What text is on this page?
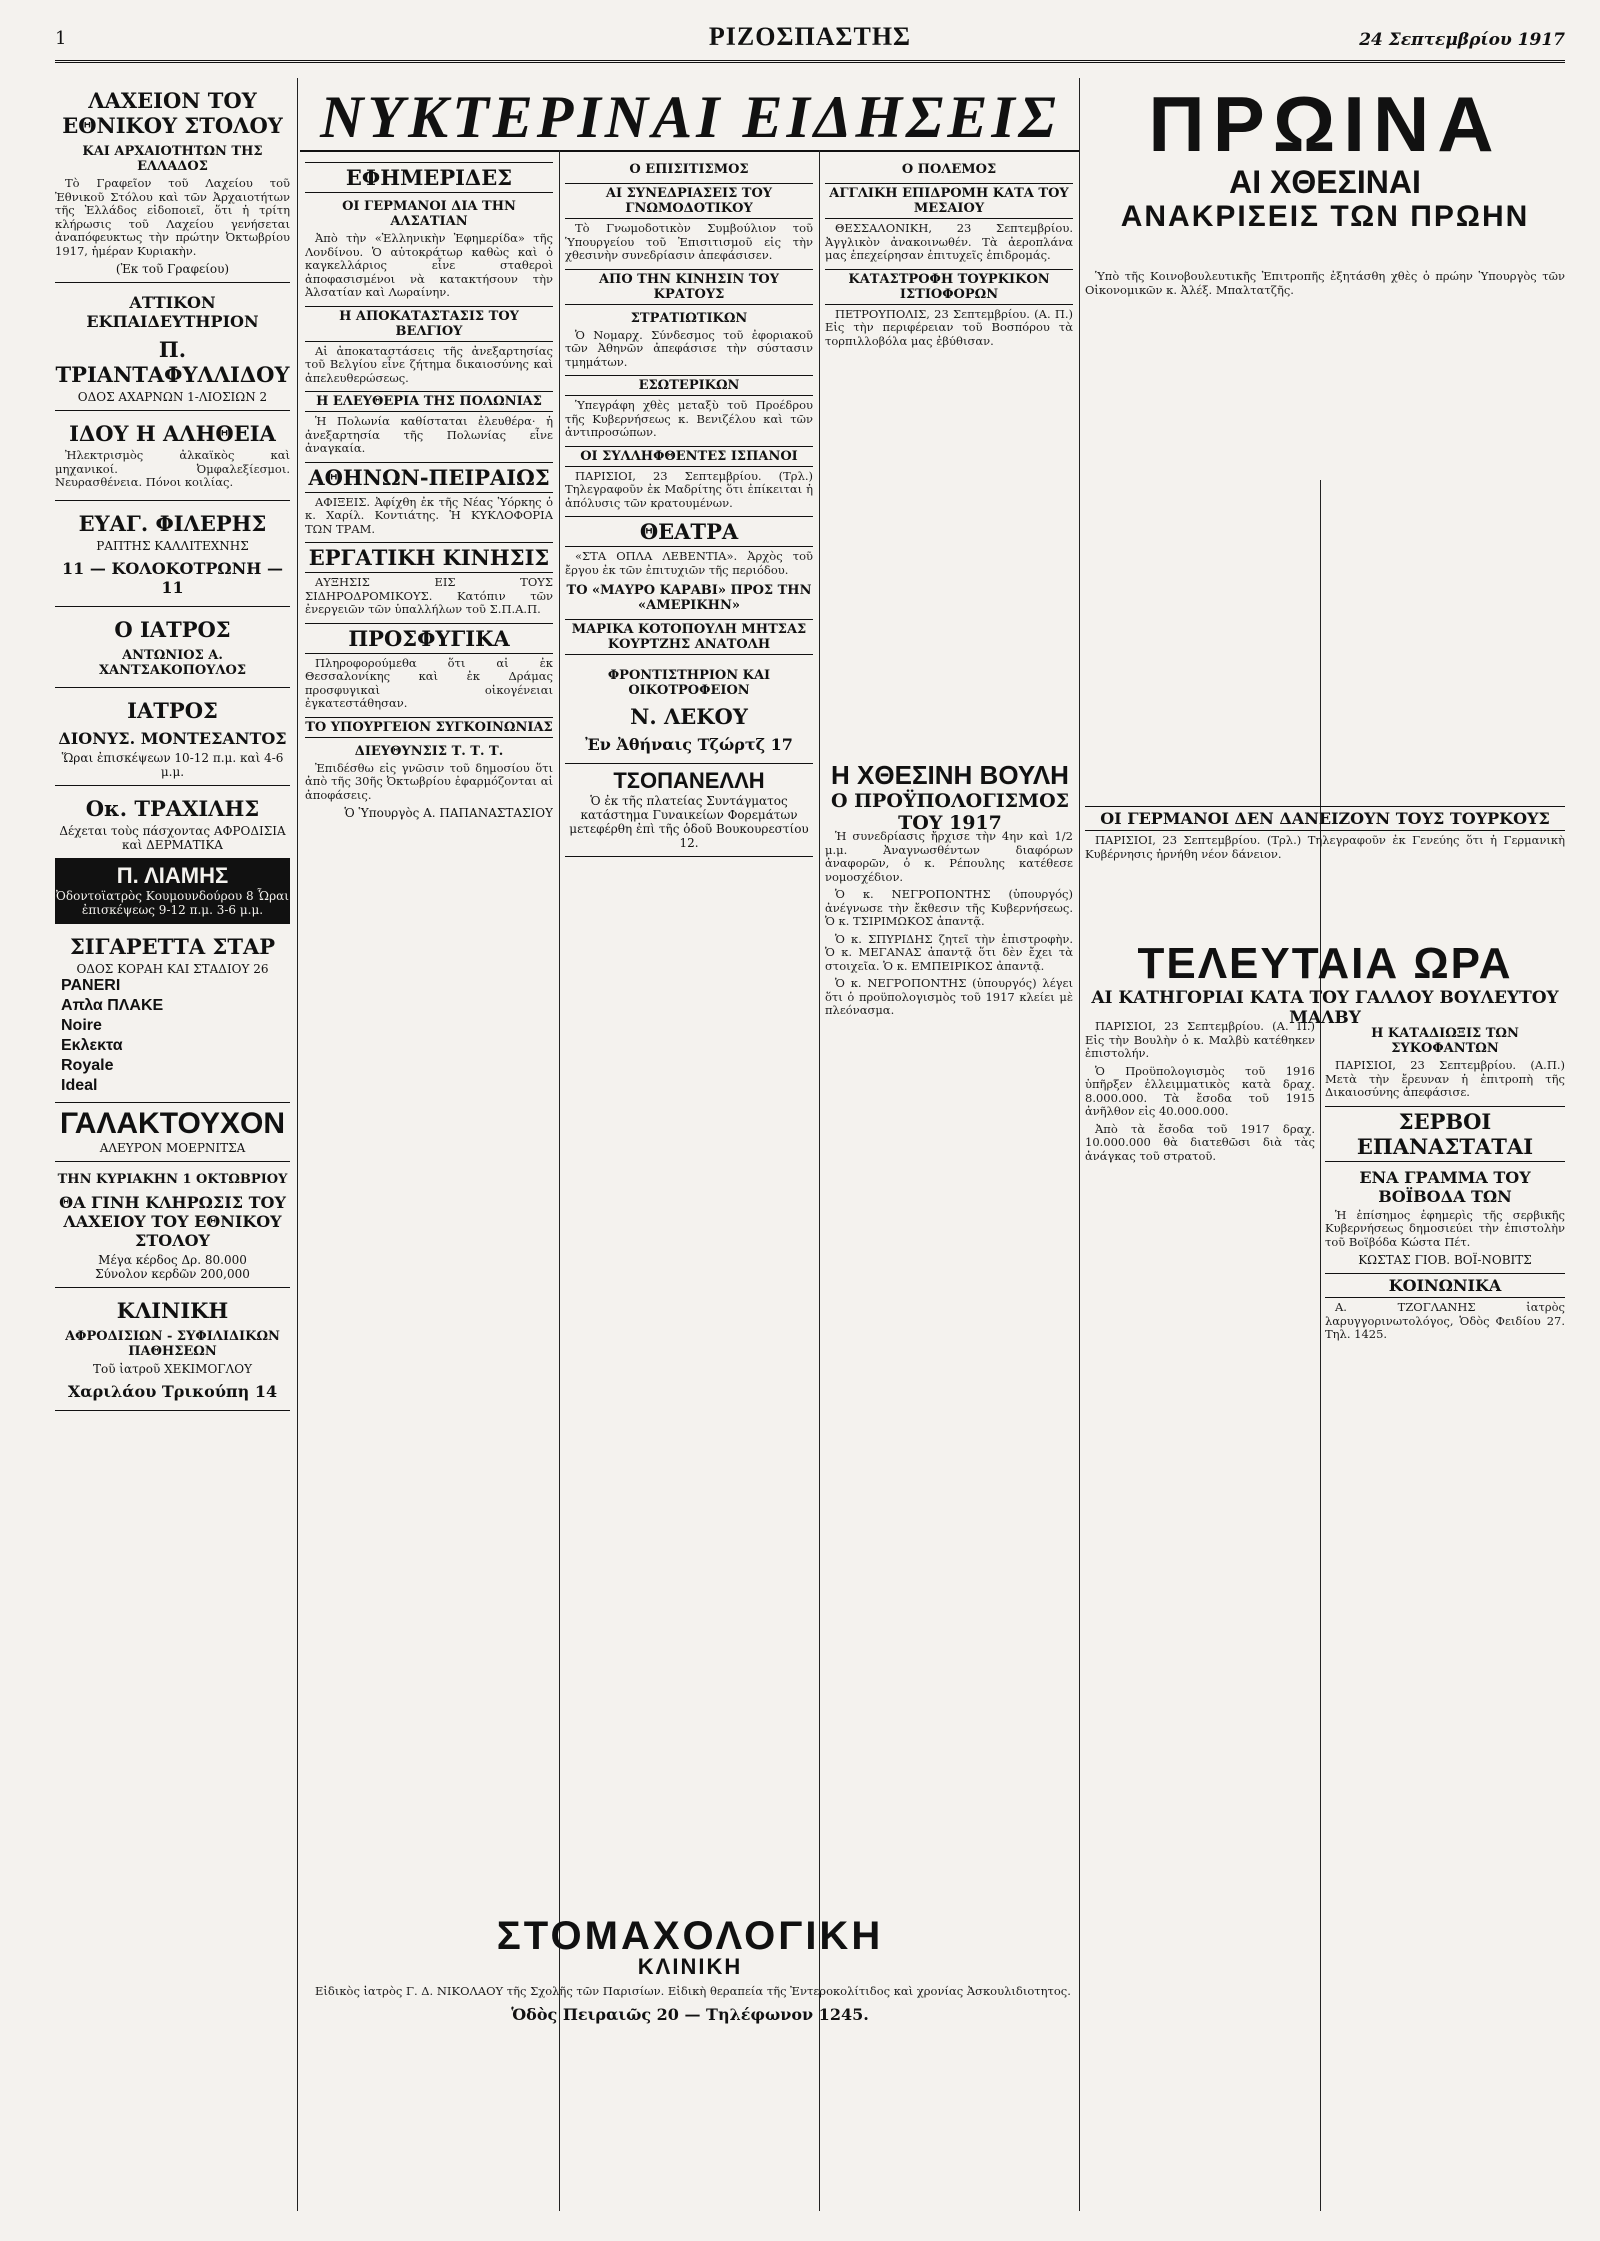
1	ΡΙΖΟΣΠΑΣΤΗΣ	24 Σεπτεμβρίου 1917
ΝΥΚΤΕΡΙΝΑΙ ΕΙΔΗΣΕΙΣ	ΠΡΩΙΝΑ
ΑΙ ΧΘΕΣΙΝΑΙ
ΑΝΑΚΡΙΣΕΙΣ ΤΩΝ ΠΡΩΗΝ
ΛΑΧΕΙΟΝ ΤΟΥ ΕΘΝΙΚΟΥ ΣΤΟΛΟΥ
ΚΑΙ ΑΡΧΑΙΟΤΗΤΩΝ ΤΗΣ ΕΛΛΑΔΟΣ
Τὸ Γραφεῖον τοῦ Λαχείου τοῦ Ἐθνικοῦ Στόλου καὶ τῶν Ἀρχαιοτήτων τῆς Ἑλλάδος εἰδοποιεῖ, ὅτι ἡ τρίτη κλήρωσις τοῦ Λαχείου γενήσεται ἀναπόφευκτως τὴν πρώτην Ὀκτωβρίου 1917, ἡμέραν Κυριακὴν.
(Ἐκ τοῦ Γραφείου)
ΑΤΤΙΚΟΝ ΕΚΠΑΙΔΕΥΤΗΡΙΟΝ
Π. ΤΡΙΑΝΤΑΦΥΛΛΙΔΟΥ
ΟΔΟΣ ΑΧΑΡΝΩΝ 1-ΛΙΟΣΙΩΝ 2
ΙΔΟΥ Η ΑΛΗΘΕΙΑ
Ἠλεκτρισμὸς ἀλκαϊκὸς καὶ μηχανικοί. Ὀμφαλεξίεσμοι. Νευρασθένεια. Πόνοι κοιλίας.
ΕΥΑΓ. ΦΙΛΕΡΗΣ
ΡΑΠΤΗΣ ΚΑΛΛΙΤΕΧΝΗΣ
11 — ΚΟΛΟΚΟΤΡΩΝΗ — 11
Ο ΙΑΤΡΟΣ
ΑΝΤΩΝΙΟΣ Α. ΧΑΝΤΣΑΚΟΠΟΥΛΟΣ
ΙΑΤΡΟΣ
ΔΙΟΝΥΣ. ΜΟΝΤΕΣΑΝΤΟΣ
Ὥραι ἐπισκέψεων 10-12 π.μ. καὶ 4-6 μ.μ.
Οκ. ΤΡΑΧΙΛΗΣ
Δέχεται τοὺς πάσχοντας ΑΦΡΟΔΙΣΙΑ καὶ ΔΕΡΜΑΤΙΚΑ
Π. ΛΙΑΜΗΣ
Ὀδοντοϊατρὸς Κουμουνδούρου 8 Ὧραι ἐπισκέψεως 9-12 π.μ. 3-6 μ.μ.
ΣΙΓΑΡΕΤΤΑ ΣΤΑΡ
ΟΔΟΣ ΚΟΡΑΗ ΚΑΙ ΣΤΑΔΙΟΥ 26
PANERI
Απλα ΠΛΑΚΕ
Noire
Εκλεκτα
Royale
Ideal
ΓΑΛΑΚΤΟΥΧΟΝ
ΑΛΕΥΡΟΝ ΜΟΕΡΝΙΤΣΑ
ΤΗΝ ΚΥΡΙΑΚΗΝ 1 ΟΚΤΩΒΡΙΟΥ
ΘΑ ΓΙΝΗ ΚΛΗΡΩΣΙΣ ΤΟΥ ΛΑΧΕΙΟΥ ΤΟΥ ΕΘΝΙΚΟΥ ΣΤΟΛΟΥ
Μέγα κέρδος Δρ. 80.000
Σύνολον κερδῶν 200,000
ΚΛΙΝΙΚΗ
ΑΦΡΟΔΙΣΙΩΝ - ΣΥΦΙΛΙΔΙΚΩΝ ΠΑΘΗΣΕΩΝ
Τοῦ ἰατροῦ ΧΕΚΙΜΟΓΛΟΥ
Χαριλάου Τρικούπη 14
ΕΦΗΜΕΡΙΔΕΣ
ΟΙ ΓΕΡΜΑΝΟΙ ΔΙΑ ΤΗΝ ΑΛΣΑΤΙΑΝ
Ἀπὸ τὴν «Ἑλληνικὴν Ἐφημερίδα» τῆς Λονδίνου. Ὁ αὐτοκράτωρ καθὼς καὶ ὁ καγκελλάριος εἶνε σταθεροὶ ἀποφασισμένοι νὰ κατακτήσουν τὴν Ἀλσατίαν καὶ Λωραίνην.
Η ΑΠΟΚΑΤΑΣΤΑΣΙΣ ΤΟΥ ΒΕΛΓΙΟΥ
Αἱ ἀποκαταστάσεις τῆς ἀνεξαρτησίας τοῦ Βελγίου εἶνε ζήτημα δικαιοσύνης καὶ ἀπελευθερώσεως.
Η ΕΛΕΥΘΕΡΙΑ ΤΗΣ ΠΟΛΩΝΙΑΣ
Ἡ Πολωνία καθίσταται ἐλευθέρα· ἡ ἀνεξαρτησία τῆς Πολωνίας εἶνε ἀναγκαία.
ΑΘΗΝΩΝ-ΠΕΙΡΑΙΩΣ
ΑΦΙΞΕΙΣ. Ἀφίχθη ἐκ τῆς Νέας Ὑόρκης ὁ κ. Χαρίλ. Κοντιάτης. Ἡ ΚΥΚΛΟΦΟΡΙΑ ΤΩΝ ΤΡΑΜ.
ΕΡΓΑΤΙΚΗ ΚΙΝΗΣΙΣ
ΑΥΞΗΣΙΣ ΕΙΣ ΤΟΥΣ ΣΙΔΗΡΟΔΡΟΜΙΚΟΥΣ. Κατόπιν τῶν ἐνεργειῶν τῶν ὑπαλλήλων τοῦ Σ.Π.Α.Π.
ΠΡΟΣΦΥΓΙΚΑ
Πληροφορούμεθα ὅτι αἱ ἐκ Θεσσαλονίκης καὶ ἐκ Δράμας προσφυγικαὶ οἰκογένειαι ἐγκατεστάθησαν.
ΤΟ ΥΠΟΥΡΓΕΙΟΝ ΣΥΓΚΟΙΝΩΝΙΑΣ
ΔΙΕΥΘΥΝΣΙΣ Τ. Τ. Τ.
Ἐπιδέσθω εἰς γνῶσιν τοῦ δημοσίου ὅτι ἀπὸ τῆς 30ῆς Ὀκτωβρίου ἐφαρμόζονται αἱ ἀποφάσεις.
Ὁ Ὑπουργὸς Α. ΠΑΠΑΝΑΣΤΑΣΙΟΥ
Ο ΕΠΙΣΙΤΙΣΜΟΣ
ΑΙ ΣΥΝΕΔΡΙΑΣΕΙΣ ΤΟΥ ΓΝΩΜΟΔΟΤΙΚΟΥ
Τὸ Γνωμοδοτικὸν Συμβούλιον τοῦ Ὑπουργείου τοῦ Ἐπισιτισμοῦ εἰς τὴν χθεσινὴν συνεδρίασιν ἀπεφάσισεν.
ΑΠΟ ΤΗΝ ΚΙΝΗΣΙΝ ΤΟΥ ΚΡΑΤΟΥΣ
ΣΤΡΑΤΙΩΤΙΚΩΝ
Ὁ Νομαρχ. Σύνδεσμος τοῦ ἐφοριακοῦ τῶν Ἀθηνῶν ἀπεφάσισε τὴν σύστασιν τμημάτων.
ΕΣΩΤΕΡΙΚΩΝ
Ὑπεγράφη χθὲς μεταξὺ τοῦ Προέδρου τῆς Κυβερνήσεως κ. Βενιζέλου καὶ τῶν ἀντιπροσώπων.
ΟΙ ΣΥΛΛΗΦΘΕΝΤΕΣ ΙΣΠΑΝΟΙ
ΠΑΡΙΣΙΟΙ, 23 Σεπτεμβρίου. (Τρλ.) Τηλεγραφοῦν ἐκ Μαδρίτης ὅτι ἐπίκειται ἡ ἀπόλυσις τῶν κρατουμένων.
ΘΕΑΤΡΑ
«ΣΤΑ ΟΠΛΑ ΛΕΒΕΝΤΙΑ». Ἀρχὸς τοῦ ἔργου ἐκ τῶν ἐπιτυχιῶν τῆς περιόδου.
ΤΟ «ΜΑΥΡΟ ΚΑΡΑΒΙ» ΠΡΟΣ ΤΗΝ «ΑΜΕΡΙΚΗΝ»
ΜΑΡΙΚΑ ΚΟΤΟΠΟΥΛΗ ΜΗΤΣΑΣ ΚΟΥΡΤΖΗΣ ΑΝΑΤΟΛΗ
ΦΡΟΝΤΙΣΤΗΡΙΟΝ ΚΑΙ ΟΙΚΟΤΡΟΦΕΙΟΝ
Ν. ΛΕΚΟΥ
Ἐν Ἀθήναις Τζώρτζ 17
ΤΣΟΠΑΝΕΛΛΗ
Ὁ ἐκ τῆς πλατείας Συντάγματος κατάστημα Γυναικείων Φορεμάτων μετεφέρθη ἐπὶ τῆς ὁδοῦ Βουκουρεστίου 12.
Ο ΠΟΛΕΜΟΣ
ΑΓΓΛΙΚΗ ΕΠΙΔΡΟΜΗ ΚΑΤΑ ΤΟΥ ΜΕΣΑΙΟΥ
ΘΕΣΣΑΛΟΝΙΚΗ, 23 Σεπτεμβρίου. Ἀγγλικὸν ἀνακοινωθέν. Τὰ ἀεροπλάνα μας ἐπεχείρησαν ἐπιτυχεῖς ἐπιδρομάς.
ΚΑΤΑΣΤΡΟΦΗ ΤΟΥΡΚΙΚΟΝ ΙΣΤΙΟΦΟΡΩΝ
ΠΕΤΡΟΥΠΟΛΙΣ, 23 Σεπτεμβρίου. (Α. Π.) Εἰς τὴν περιφέρειαν τοῦ Βοσπόρου τὰ τορπιλλοβόλα μας ἐβύθισαν.
Η ΧΘΕΣΙΝΗ ΒΟΥΛΗ
Ο ΠΡΟΫΠΟΛΟΓΙΣΜΟΣ ΤΟΥ 1917
Ἡ συνεδρίασις ἤρχισε τὴν 4ην καὶ 1/2 μ.μ. Ἀναγνωσθέντων διαφόρων ἀναφορῶν, ὁ κ. Ρέπουλης κατέθεσε νομοσχέδιον.
Ὁ κ. ΝΕΓΡΟΠΟΝΤΗΣ (ὑπουργός) ἀνέγνωσε τὴν ἔκθεσιν τῆς Κυβερνήσεως. Ὁ κ. ΤΣΙΡΙΜΩΚΟΣ ἀπαντᾷ.
Ὁ κ. ΣΠΥΡΙΔΗΣ ζητεῖ τὴν ἐπιστροφὴν. Ὁ κ. ΜΕΓΑΝΑΣ ἀπαντᾷ ὅτι δὲν ἔχει τὰ στοιχεῖα. Ὁ κ. ΕΜΠΕΙΡΙΚΟΣ ἀπαντᾷ.
Ὁ κ. ΝΕΓΡΟΠΟΝΤΗΣ (ὑπουργός) λέγει ὅτι ὁ προϋπολογισμὸς τοῦ 1917 κλείει μὲ πλεόνασμα.
Ὑπὸ τῆς Κοινοβουλευτικῆς Ἐπιτροπῆς ἐξητάσθη χθὲς ὁ πρώην Ὑπουργὸς τῶν Οἰκονομικῶν κ. Ἀλέξ. Μπαλτατζῆς.
ΟΙ ΓΕΡΜΑΝΟΙ ΔΕΝ ΔΑΝΕΙΖΟΥΝ ΤΟΥΣ ΤΟΥΡΚΟΥΣ
ΠΑΡΙΣΙΟΙ, 23 Σεπτεμβρίου. (Τρλ.) Τηλεγραφοῦν ἐκ Γενεύης ὅτι ἡ Γερμανικὴ Κυβέρνησις ἠρνήθη νέον δάνειον.
ΤΕΛΕΥΤΑΙΑ ΩΡΑ
ΑΙ ΚΑΤΗΓΟΡΙΑΙ ΚΑΤΑ ΤΟΥ ΓΑΛΛΟΥ ΒΟΥΛΕΥΤΟΥ ΜΑΛΒΥ
ΠΑΡΙΣΙΟΙ, 23 Σεπτεμβρίου. (Α. Π.) Εἰς τὴν Βουλὴν ὁ κ. Μαλβὺ κατέθηκεν ἐπιστολήν.
Ὁ Προϋπολογισμὸς τοῦ 1916 ὑπῆρξεν ἐλλειμματικὸς κατὰ δραχ. 8.000.000. Τὰ ἔσοδα τοῦ 1915 ἀνῆλθον εἰς 40.000.000.
Ἀπὸ τὰ ἔσοδα τοῦ 1917 δραχ. 10.000.000 θὰ διατεθῶσι διὰ τὰς ἀνάγκας τοῦ στρατοῦ.
Η ΚΑΤΑΔΙΩΞΙΣ ΤΩΝ ΣΥΚΟΦΑΝΤΩΝ
ΠΑΡΙΣΙΟΙ, 23 Σεπτεμβρίου. (Α.Π.) Μετὰ τὴν ἔρευναν ἡ ἐπιτροπὴ τῆς Δικαιοσύνης ἀπεφάσισε.
ΣΕΡΒΟΙ ΕΠΑΝΑΣΤΑΤΑΙ
ΕΝΑ ΓΡΑΜΜΑ ΤΟΥ ΒΟΪΒΟΔΑ ΤΩΝ
Ἡ ἐπίσημος ἐφημερὶς τῆς σερβικῆς Κυβερνήσεως δημοσιεύει τὴν ἐπιστολὴν τοῦ Βοϊβόδα Κώστα Πέτ.
ΚΩΣΤΑΣ ΓΙΟΒ. ΒΟΪ-ΝΟΒΙΤΣ
ΚΟΙΝΩΝΙΚΑ
Α. ΤΖΟΓΛΑΝΗΣ ἰατρὸς λαρυγγορινωτολόγος, Ὁδὸς Φειδίου 27. Τηλ. 1425.
ΣΤΟΜΑΧΟΛΟΓΙΚΗ
ΚΛΙΝΙΚΗ
Εἰδικὸς ἰατρὸς Γ. Δ. ΝΙΚΟΛΑΟΥ τῆς Σχολῆς τῶν Παρισίων. Εἰδικὴ θεραπεία τῆς Ἐντεροκολίτιδος καὶ χρονίας Ἀσκουλιδιοτητος.
Ὁδὸς Πειραιῶς 20 — Τηλέφωνον 1245.
